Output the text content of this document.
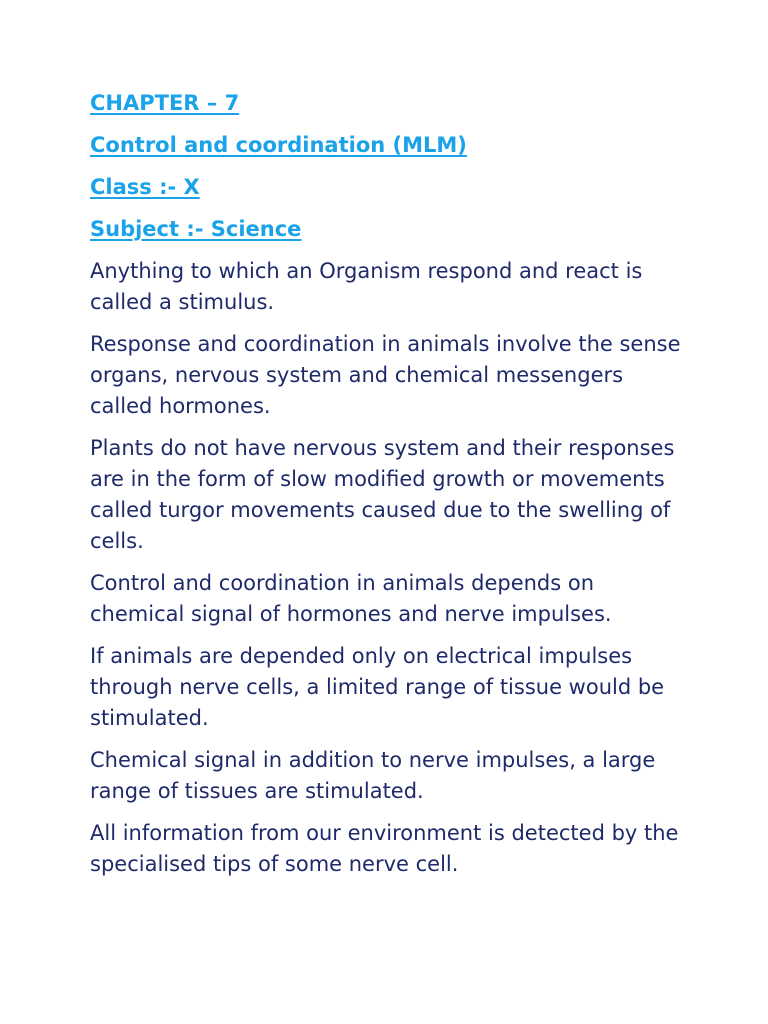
CHAPTER – 7
Control and coordination (MLM)
Class :- X
Subject :- Science

Anything to which an Organism respond and react is called a stimulus.

Response and coordination in animals involve the sense organs, nervous system and chemical messengers called hormones.

Plants do not have nervous system and their responses are in the form of slow modified growth or movements called turgor movements caused due to the swelling of cells.

Control and coordination in animals depends on chemical signal of hormones and nerve impulses.

If animals are depended only on electrical impulses through nerve cells, a limited range of tissue would be stimulated.

Chemical signal in addition to nerve impulses, a large range of tissues are stimulated.

All information from our environment is detected by the specialised tips of some nerve cell.
